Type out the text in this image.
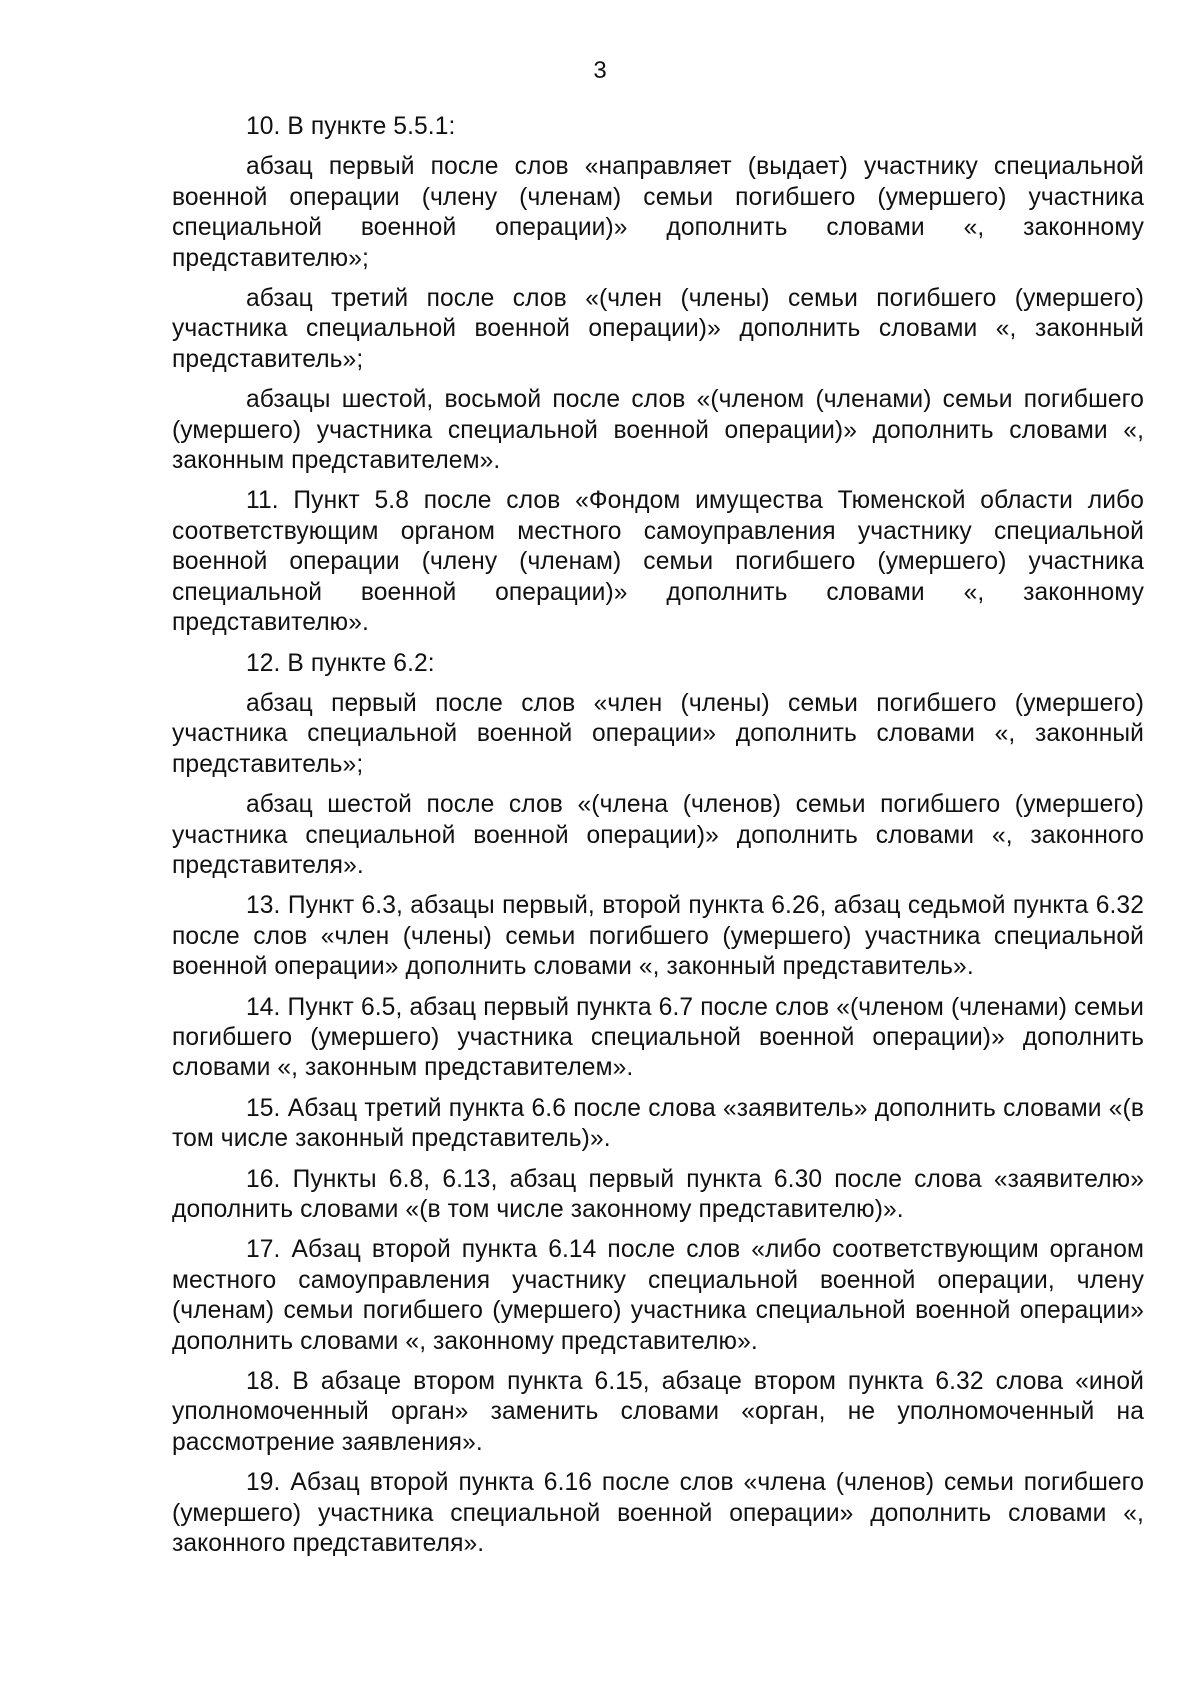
3

10. В пункте 5.5.1:

абзац первый после слов «направляет (выдает) участнику специальной военной операции (члену (членам) семьи погибшего (умершего) участника специальной военной операции)» дополнить словами «, законному представителю»;

абзац третий после слов «(член (члены) семьи погибшего (умершего) участника специальной военной операции)» дополнить словами «, законный представитель»;

абзацы шестой, восьмой после слов «(членом (членами) семьи погибшего (умершего) участника специальной военной операции)» дополнить словами «, законным представителем».

11. Пункт 5.8 после слов «Фондом имущества Тюменской области либо соответствующим органом местного самоуправления участнику специальной военной операции (члену (членам) семьи погибшего (умершего) участника специальной военной операции)» дополнить словами «, законному представителю».

12. В пункте 6.2:

абзац первый после слов «член (члены) семьи погибшего (умершего) участника специальной военной операции» дополнить словами «, законный представитель»;

абзац шестой после слов «(члена (членов) семьи погибшего (умершего) участника специальной военной операции)» дополнить словами «, законного представителя».

13. Пункт 6.3, абзацы первый, второй пункта 6.26, абзац седьмой пункта 6.32 после слов «член (члены) семьи погибшего (умершего) участника специальной военной операции» дополнить словами «, законный представитель».

14. Пункт 6.5, абзац первый пункта 6.7 после слов «(членом (членами) семьи погибшего (умершего) участника специальной военной операции)» дополнить словами «, законным представителем».

15. Абзац третий пункта 6.6 после слова «заявитель» дополнить словами «(в том числе законный представитель)».

16. Пункты 6.8, 6.13, абзац первый пункта 6.30 после слова «заявителю» дополнить словами «(в том числе законному представителю)».

17. Абзац второй пункта 6.14 после слов «либо соответствующим органом местного самоуправления участнику специальной военной операции, члену (членам) семьи погибшего (умершего) участника специальной военной операции» дополнить словами «, законному представителю».

18. В абзаце втором пункта 6.15, абзаце втором пункта 6.32 слова «иной уполномоченный орган» заменить словами «орган, не уполномоченный на рассмотрение заявления».

19. Абзац второй пункта 6.16 после слов «члена (членов) семьи погибшего (умершего) участника специальной военной операции» дополнить словами «, законного представителя».
